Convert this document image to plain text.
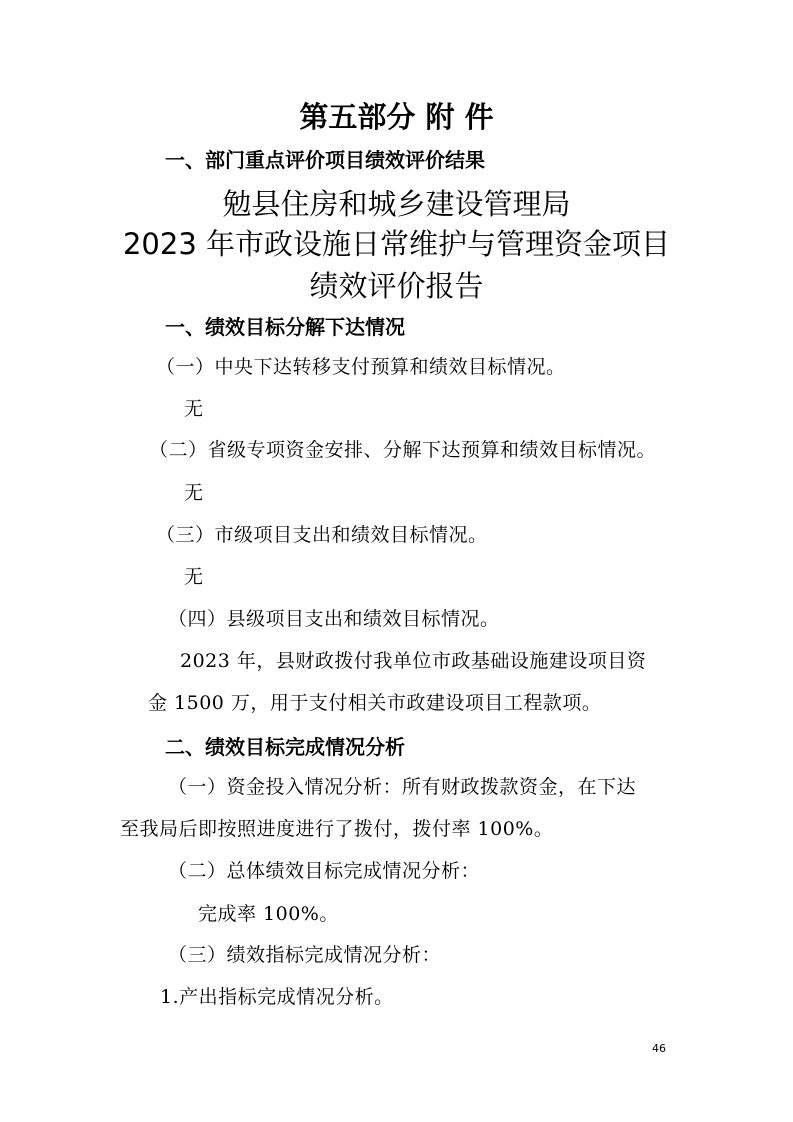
第五部分 附 件
一、部门重点评价项目绩效评价结果
勉县住房和城乡建设管理局
2023 年市政设施日常维护与管理资金项目
绩效评价报告
一、绩效目标分解下达情况
（一）中央下达转移支付预算和绩效目标情况。
无
（二）省级专项资金安排、分解下达预算和绩效目标情况。
无
（三）市级项目支出和绩效目标情况。
无
（四）县级项目支出和绩效目标情况。
2023 年，县财政拨付我单位市政基础设施建设项目资
金 1500 万，用于支付相关市政建设项目工程款项。
二、绩效目标完成情况分析
（一）资金投入情况分析：所有财政拨款资金，在下达
至我局后即按照进度进行了拨付，拨付率 100%。
（二）总体绩效目标完成情况分析：
完成率 100%。
（三）绩效指标完成情况分析：
1.产出指标完成情况分析。
46
